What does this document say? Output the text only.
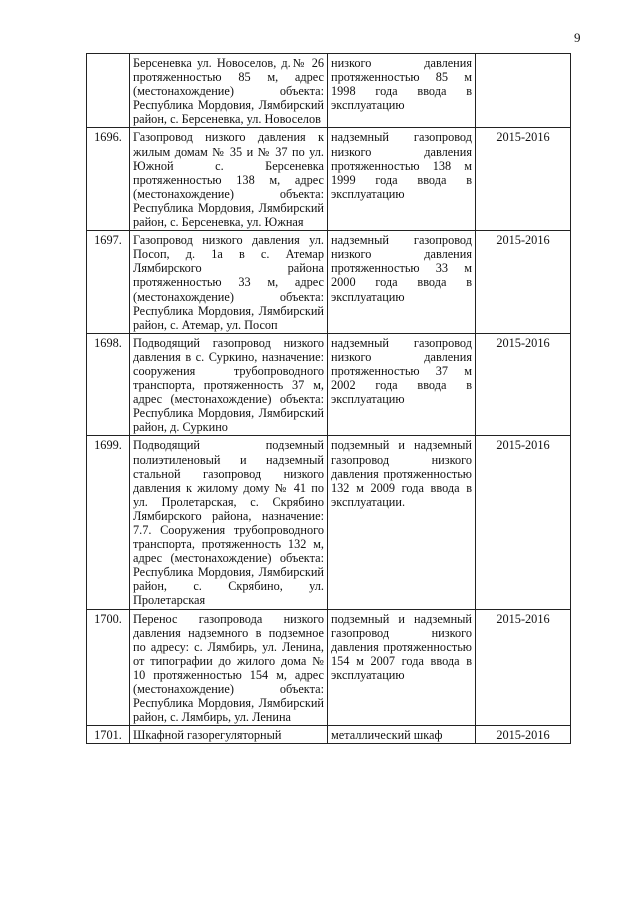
9
	Берсеневка ул. Новоселов, д.№ 26 протяженностью 85 м, адрес (местонахождение) объекта: Республика Мордовия, Лямбирский район, с. Берсеневка, ул. Новоселов	низкого давления протяженностью 85 м 1998 года ввода в эксплуатацию	
1696.	Газопровод низкого давления к жилым домам № 35 и № 37 по ул. Южной с. Берсеневка протяженностью 138 м, адрес (местонахождение) объекта: Республика Мордовия, Лямбирский район, с. Берсеневка, ул. Южная	надземный газопровод низкого давления протяженностью 138 м 1999 года ввода в эксплуатацию	2015-2016
1697.	Газопровод низкого давления ул. Посоп, д. 1а в с. Атемар Лямбирского района протяженностью 33 м, адрес (местонахождение) объекта: Республика Мордовия, Лямбирский район, с. Атемар, ул. Посоп	надземный газопровод низкого давления протяженностью 33 м 2000 года ввода в эксплуатацию	2015-2016
1698.	Подводящий газопровод низкого давления в с. Суркино, назначение: сооружения трубопроводного транспорта, протяженность 37 м, адрес (местонахождение) объекта: Республика Мордовия, Лямбирский район, д. Суркино	надземный газопровод низкого давления протяженностью 37 м 2002 года ввода в эксплуатацию	2015-2016
1699.	Подводящий подземный полиэтиленовый и надземный стальной газопровод низкого давления к жилому дому № 41 по ул. Пролетарская, с. Скрябино Лямбирского района, назначение: 7.7. Сооружения трубопроводного транспорта, протяженность 132 м, адрес (местонахождение) объекта: Республика Мордовия, Лямбирский район, с. Скрябино, ул. Пролетарская	подземный и надземный газопровод низкого давления протяженностью 132 м 2009 года ввода в эксплуатации.	2015-2016
1700.	Перенос газопровода низкого давления надземного в подземное по адресу: с. Лямбирь, ул. Ленина, от типографии до жилого дома № 10 протяженностью 154 м, адрес (местонахождение) объекта: Республика Мордовия, Лямбирский район, с. Лямбирь, ул. Ленина	подземный и надземный газопровод низкого давления протяженностью 154 м 2007 года ввода в эксплуатацию	2015-2016
1701.	Шкафной газорегуляторный	металлический шкаф	2015-2016
